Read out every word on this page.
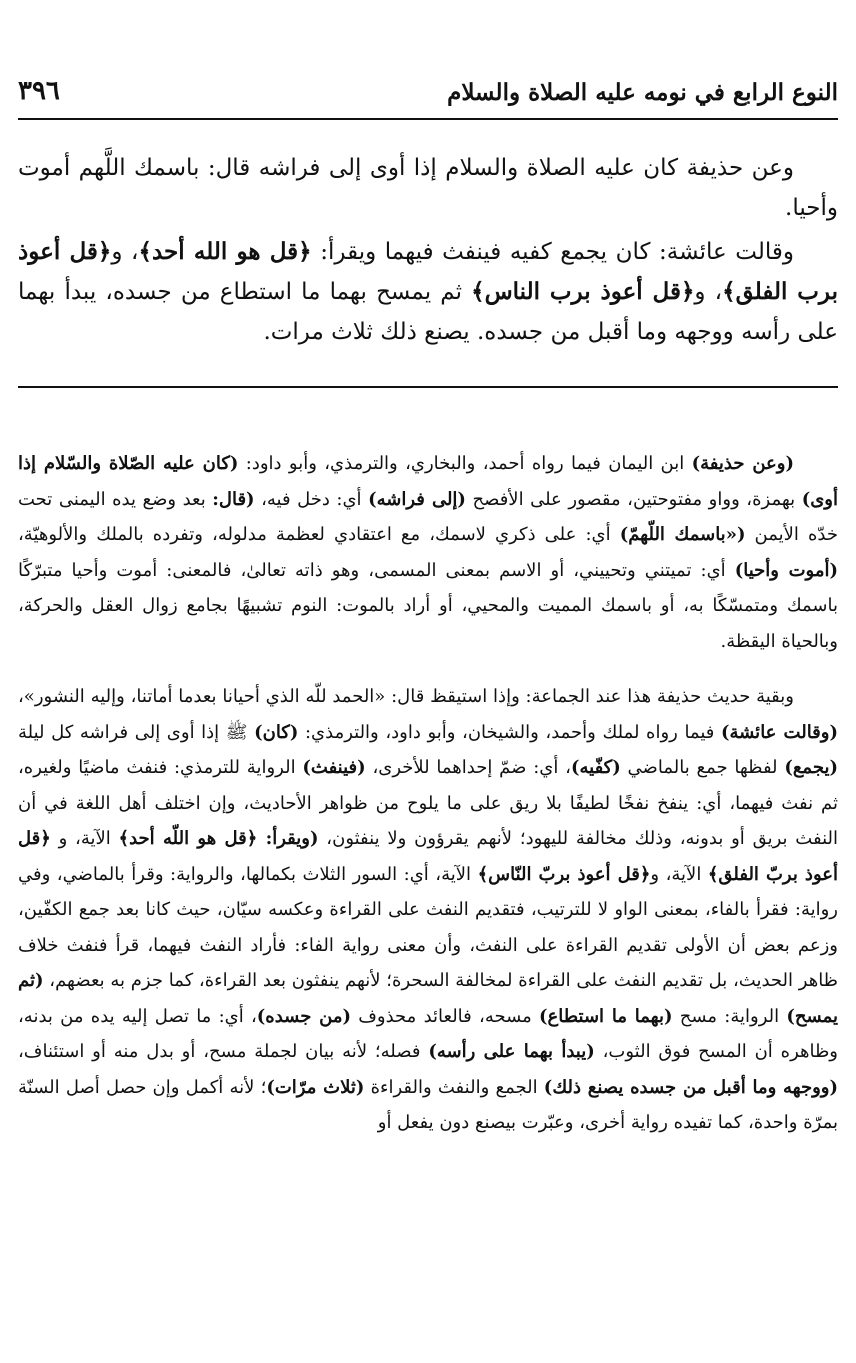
النوع الرابع في نومه عليه الصلاة والسلام
٣٩٦

وعن حذيفة كان عليه الصلاة والسلام إذا أوى إلى فراشه قال: باسمك اللَّهم أموت وأحيا.

وقالت عائشة: كان يجمع كفيه فينفث فيهما ويقرأ: ﴿قل هو الله أحد﴾، و﴿قل أعوذ برب الفلق﴾، و﴿قل أعوذ برب الناس﴾ ثم يمسح بهما ما استطاع من جسده، يبدأ بهما على رأسه ووجهه وما أقبل من جسده. يصنع ذلك ثلاث مرات.

(وعن حذيفة) ابن اليمان فيما رواه أحمد، والبخاري، والترمذي، وأبو داود: (كان عليه الصّلاة والسّلام إذا أوى) بهمزة، وواو مفتوحتين، مقصور على الأفصح (إلى فراشه) أي: دخل فيه، (قال: بعد وضع يده اليمنى تحت خدّه الأيمن («باسمك اللّهمّ) أي: على ذكري لاسمك، مع اعتقادي لعظمة مدلوله، وتفرده بالملك والألوهيّة، (أموت وأحيا) أي: تميتني وتحييني، أو الاسم بمعنى المسمى، وهو ذاته تعالىٰ، فالمعنى: أموت وأحيا متبرّكًا باسمك ومتمسّكًا به، أو باسمك المميت والمحيي، أو أراد بالموت: النوم تشبيهًا بجامع زوال العقل والحركة، وبالحياة اليقظة.

وبقية حديث حذيفة هذا عند الجماعة: وإذا استيقظ قال: «الحمد للّه الذي أحيانا بعدما أماتنا، وإليه النشور»، (وقالت عائشة) فيما رواه لملك وأحمد، والشيخان، وأبو داود، والترمذي: (كان) ﷺ إذا أوى إلى فراشه كل ليلة (يجمع) لفظها جمع بالماضي (كفّيه)، أي: ضمّ إحداهما للأخرى، (فينفث) الرواية للترمذي: فنفث ماضيًا ولغيره، ثم نفث فيهما، أي: ينفخ نفخًا لطيفًا بلا ريق على ما يلوح من ظواهر الأحاديث، وإن اختلف أهل اللغة في أن النفث بريق أو بدونه، وذلك مخالفة لليهود؛ لأنهم يقرؤون ولا ينفثون، (ويقرأ: ﴿قل هو اللّه أحد﴾ الآية، و ﴿قل أعوذ بربّ الفلق﴾ الآية، و﴿قل أعوذ بربّ النّاس﴾ الآية، أي: السور الثلاث بكمالها، والرواية: وقرأ بالماضي، وفي رواية: فقرأ بالفاء، بمعنى الواو لا للترتيب، فتقديم النفث على القراءة وعكسه سيّان، حيث كانا بعد جمع الكفّين، وزعم بعض أن الأولى تقديم القراءة على النفث، وأن معنى رواية الفاء: فأراد النفث فيهما، قرأ فنفث خلاف ظاهر الحديث، بل تقديم النفث على القراءة لمخالفة السحرة؛ لأنهم ينفثون بعد القراءة، كما جزم به بعضهم، (ثم يمسح) الرواية: مسح (بهما ما استطاع) مسحه، فالعائد محذوف (من جسده)، أي: ما تصل إليه يده من بدنه، وظاهره أن المسح فوق الثوب، (يبدأ بهما على رأسه) فصله؛ لأنه بيان لجملة مسح، أو بدل منه أو استئناف، (ووجهه وما أقبل من جسده يصنع ذلك) الجمع والنفث والقراءة (ثلاث مرّات)؛ لأنه أكمل وإن حصل أصل السنّة بمرّة واحدة، كما تفيده رواية أخرى، وعبّرت بيصنع دون يفعل أو
